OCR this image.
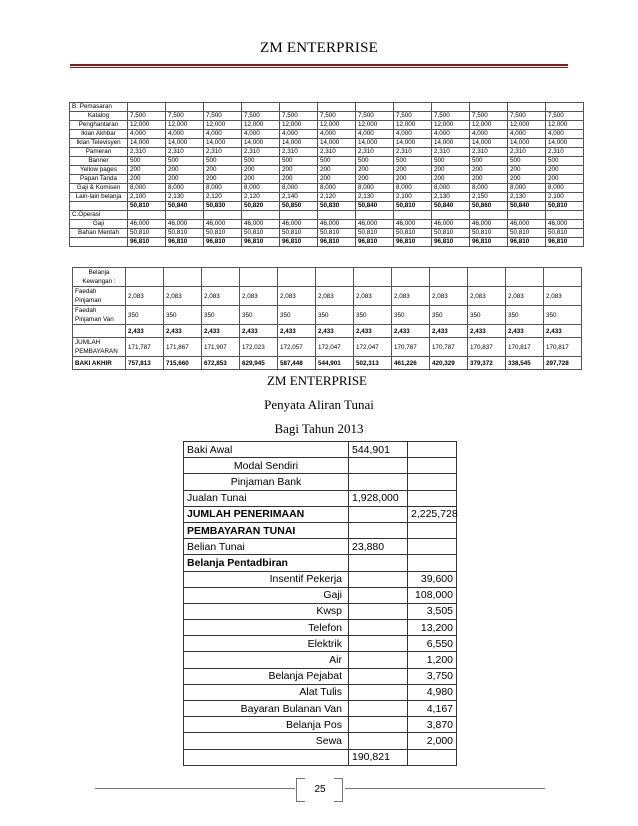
ZM ENTERPRISE
B. Pemasaran												
Katalog	7,500	7,500	7,500	7,500	7,500	7,500	7,500	7,500	7,500	7,500	7,500	7,500
Penghantaran	12,000	12,000	12,000	12,000	12,000	12,000	12,000	12,000	12,000	12,000	12,000	12,000
Iklan Akhbar	4,000	4,000	4,000	4,000	4,000	4,000	4,000	4,000	4,000	4,000	4,000	4,000
Iklan Televisyen	14,000	14,000	14,000	14,000	14,000	14,000	14,000	14,000	14,000	14,000	14,000	14,000
Pameran	2,310	2,310	2,310	2,310	2,310	2,310	2,310	2,310	2,310	2,310	2,310	2,310
Banner	500	500	500	500	500	500	500	500	500	500	500	500
Yellow pages	200	200	200	200	200	200	200	200	200	200	200	200
Papan Tanda	200	200	200	200	200	200	200	200	200	200	200	200
Gaji & Komisen	8,000	8,000	8,000	8,000	8,000	8,000	8,000	8,000	8,000	8,000	8,000	8,000
Lain-lain belanja	2,100	2,130	2,120	2,120	2,140	2,120	2,130	2,100	2,130	2,150	2,130	2,100
	50,810	50,840	50,830	50,820	50,850	50,830	50,840	50,810	50,840	50,860	50,840	50,810
C.Operasi												
Gaji	46,000	46,000	46,000	46,000	46,000	46,000	46,000	46,000	46,000	46,000	46,000	46,000
Bahan Mentah	50,810	50,810	50,810	50,810	50,810	50,810	50,810	50,810	50,810	50,810	50,810	50,810
	96,810	96,810	96,810	96,810	96,810	96,810	96,810	96,810	96,810	96,810	96,810	96,810
Belanja Kewangan :												
Faedah Pinjaman	2,083	2,083	2,083	2,083	2,083	2,083	2,083	2,083	2,083	2,083	2,083	2,083
Faedah Pinjaman Van	350	350	350	350	350	350	350	350	350	350	350	350
	2,433	2,433	2,433	2,433	2,433	2,433	2,433	2,433	2,433	2,433	2,433	2,433
JUMLAH PEMBAYARAN	171,787	171,867	171,907	172,023	172,057	172,047	172,047	170,787	170,787	170,837	170,817	170,817
BAKI AKHIR	757,813	715,660	672,853	629,945	587,448	544,901	502,313	461,226	420,329	379,372	338,545	297,728
ZM ENTERPRISE
Penyata Aliran Tunai
Bagi Tahun 2013
Baki Awal	544,901	
Modal Sendiri		
Pinjaman Bank		
Jualan Tunai	1,928,000	
JUMLAH PENERIMAAN		2,225,728
PEMBAYARAN TUNAI		
Belian Tunai	23,880	
Belanja Pentadbiran		
Insentif Pekerja		39,600
Gaji		108,000
Kwsp		3,505
Telefon		13,200
Elektrik		6,550
Air		1,200
Belanja Pejabat		3,750
Alat Tulis		4,980
Bayaran Bulanan Van		4,167
Belanja Pos		3,870
Sewa		2,000
	190,821	
25
